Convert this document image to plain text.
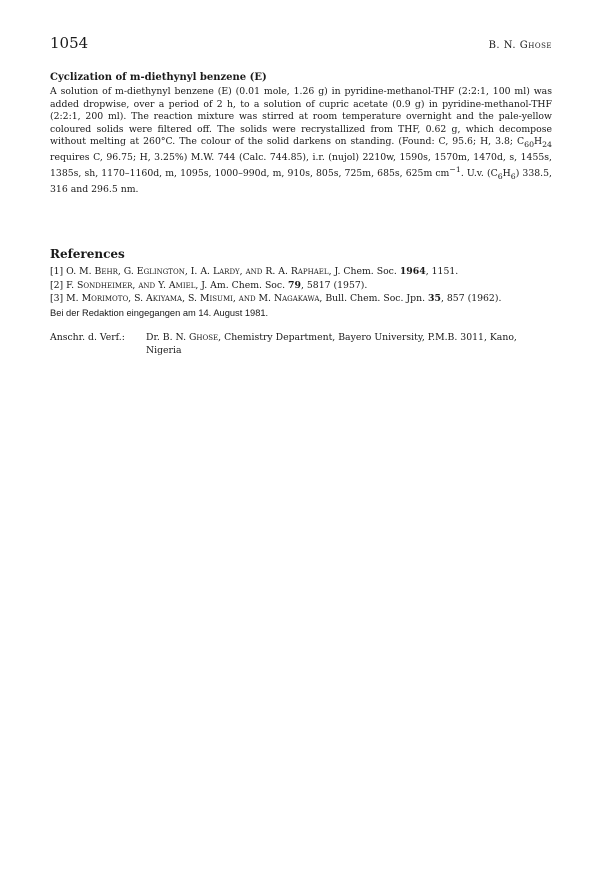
1054	B. N. Ghose
Cyclization of m-diethynyl benzene (E)

A solution of m-diethynyl benzene (E) (0.01 mole, 1.26 g) in pyridine-methanol-THF (2:2:1, 100 ml) was added dropwise, over a period of 2 h, to a solution of cupric acetate (0.9 g) in pyridine-methanol-THF (2:2:1, 200 ml). The reaction mixture was stirred at room temperature overnight and the pale-yellow coloured solids were filtered off. The solids were recrystallized from THF, 0.62 g, which decompose without melting at 260°C. The colour of the solid darkens on standing. (Found: C, 95.6; H, 3.8; $C_{60}H_{24}$ requires C, 96.75; H, 3.25%) M.W. 744 (Calc. 744.85), i.r. (nujol) 2210w, 1590s, 1570m, 1470d, s, 1455s, 1385s, sh, 1170–1160d, m, 1095s, 1000–990d, m, 910s, 805s, 725m, 685s, 625m $cm^{-1}$. U.v. $(C_6H_6)$ 338.5, 316 and 296.5 nm.

References
[1] O. M. Behr, G. Eglington, I. A. Lardy, and R. A. Raphael, J. Chem. Soc. 1964, 1151.
[2] F. Sondheimer, and Y. Amiel, J. Am. Chem. Soc. 79, 5817 (1957).
[3] M. Morimoto, S. Akiyama, S. Misumi, and M. Nagakawa, Bull. Chem. Soc. Jpn. 35, 857 (1962).
Bei der Redaktion eingegangen am 14. August 1981.
Anschr. d. Verf.:	Dr. B. N. Ghose, Chemistry Department, Bayero University, P.M.B. 3011, Kano, Nigeria
